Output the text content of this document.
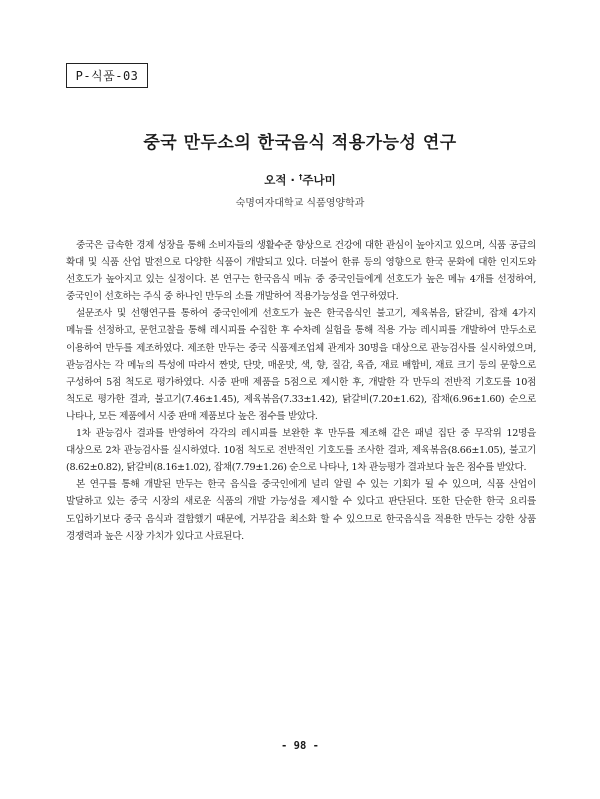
P-식품-03
중국 만두소의 한국음식 적용가능성 연구
오적 · †주나미
숙명여자대학교 식품영양학과

중국은 급속한 경제 성장을 통해 소비자들의 생활수준 향상으로 건강에 대한 관심이 높아지고 있으며, 식품 공급의 확대 및 식품 산업 발전으로 다양한 식품이 개발되고 있다. 더불어 한류 등의 영향으로 한국 문화에 대한 인지도와 선호도가 높아지고 있는 실정이다. 본 연구는 한국음식 메뉴 중 중국인들에게 선호도가 높은 메뉴 4개를 선정하여, 중국인이 선호하는 주식 중 하나인 만두의 소를 개발하여 적용가능성을 연구하였다.

설문조사 및 선행연구를 통하여 중국인에게 선호도가 높은 한국음식인 불고기, 제육볶음, 닭갈비, 잡채 4가지 메뉴를 선정하고, 문헌고찰을 통해 레시피를 수집한 후 수차례 실험을 통해 적용 가능 레시피를 개발하여 만두소로 이용하여 만두를 제조하였다. 제조한 만두는 중국 식품제조업체 관계자 30명을 대상으로 관능검사를 실시하였으며, 관능검사는 각 메뉴의 특성에 따라서 짠맛, 단맛, 매운맛, 색, 향, 질감, 육즙, 재료 배합비, 재료 크기 등의 문항으로 구성하여 5점 척도로 평가하였다. 시중 판매 제품을 5점으로 제시한 후, 개발한 각 만두의 전반적 기호도를 10점 척도로 평가한 결과, 불고기(7.46±1.45), 제육볶음(7.33±1.42), 닭갈비(7.20±1.62), 잡채(6.96±1.60) 순으로 나타나, 모든 제품에서 시중 판매 제품보다 높은 점수를 받았다.

1차 관능검사 결과를 반영하여 각각의 레시피를 보완한 후 만두를 제조해 같은 패널 집단 중 무작위 12명을 대상으로 2차 관능검사를 실시하였다. 10점 척도로 전반적인 기호도를 조사한 결과, 제육볶음(8.66±1.05), 불고기(8.62±0.82), 닭갈비(8.16±1.02), 잡채(7.79±1.26) 순으로 나타나, 1차 관능평가 결과보다 높은 점수를 받았다.

본 연구를 통해 개발된 만두는 한국 음식을 중국인에게 널리 알릴 수 있는 기회가 될 수 있으며, 식품 산업이 발달하고 있는 중국 시장의 새로운 식품의 개발 가능성을 제시할 수 있다고 판단된다. 또한 단순한 한국 요리를 도입하기보다 중국 음식과 결합했기 때문에, 거부감을 최소화 할 수 있으므로 한국음식을 적용한 만두는 강한 상품 경쟁력과 높은 시장 가치가 있다고 사료된다.

- 98 -
